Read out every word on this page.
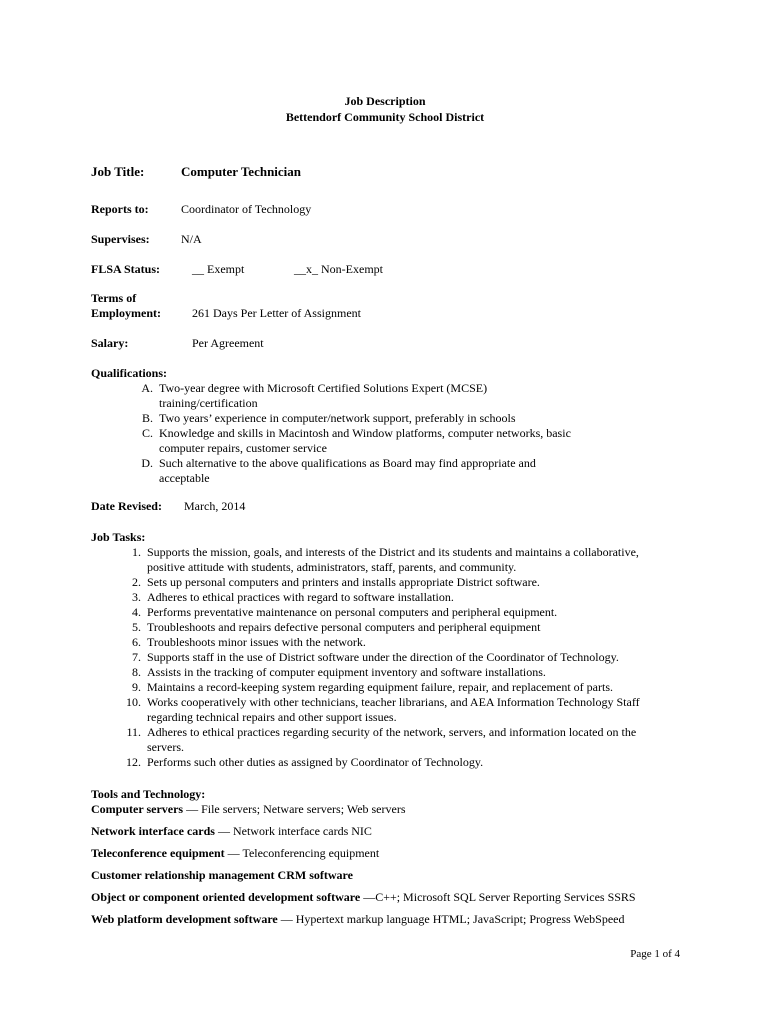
Job Description
Bettendorf Community School District
Job Title:	Computer Technician
Reports to:	Coordinator of Technology
Supervises:	N/A
FLSA Status:	__ Exempt	__x_ Non-Exempt
Terms of
Employment:	261 Days Per Letter of Assignment
Salary:	Per Agreement
Qualifications:
A. Two-year degree with Microsoft Certified Solutions Expert (MCSE)
training/certification
B. Two years’ experience in computer/network support, preferably in schools
C. Knowledge and skills in Macintosh and Window platforms, computer networks, basic
computer repairs, customer service
D. Such alternative to the above qualifications as Board may find appropriate and
acceptable
Date Revised: March, 2014
Job Tasks:
1. Supports the mission, goals, and interests of the District and its students and maintains a collaborative,
positive attitude with students, administrators, staff, parents, and community.
2. Sets up personal computers and printers and installs appropriate District software.
3. Adheres to ethical practices with regard to software installation.
4. Performs preventative maintenance on personal computers and peripheral equipment.
5. Troubleshoots and repairs defective personal computers and peripheral equipment
6. Troubleshoots minor issues with the network.
7. Supports staff in the use of District software under the direction of the Coordinator of Technology.
8. Assists in the tracking of computer equipment inventory and software installations.
9. Maintains a record-keeping system regarding equipment failure, repair, and replacement of parts.
10. Works cooperatively with other technicians, teacher librarians, and AEA Information Technology Staff
regarding technical repairs and other support issues.
11. Adheres to ethical practices regarding security of the network, servers, and information located on the
servers.
12. Performs such other duties as assigned by Coordinator of Technology.
Tools and Technology:
Computer servers — File servers; Netware servers; Web servers
Network interface cards — Network interface cards NIC
Teleconference equipment — Teleconferencing equipment
Customer relationship management CRM software
Object or component oriented development software —C++; Microsoft SQL Server Reporting Services SSRS
Web platform development software — Hypertext markup language HTML; JavaScript; Progress WebSpeed
Page 1 of 4
